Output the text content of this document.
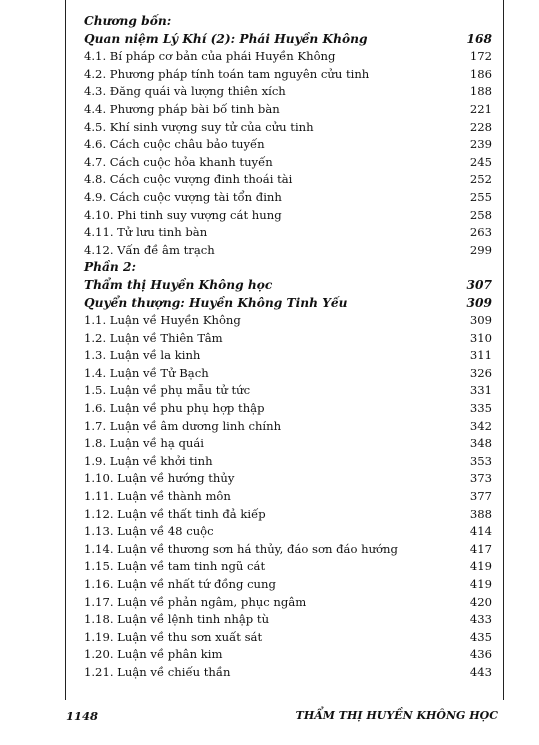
Chương bốn:
Quan niệm Lý Khí (2): Phái Huyền Không	168
4.1. Bí pháp cơ bản của phái Huyền Không	172
4.2. Phương pháp tính toán tam nguyên cửu tinh	186
4.3. Đăng quái và lượng thiên xích	188
4.4. Phương pháp bài bố tinh bàn	221
4.5. Khí sinh vượng suy tử của cửu tinh	228
4.6. Cách cuộc châu bảo tuyến	239
4.7. Cách cuộc hỏa khanh tuyến	245
4.8. Cách cuộc vượng đinh thoái tài	252
4.9. Cách cuộc vượng tài tổn đinh	255
4.10. Phi tinh suy vượng cát hung	258
4.11. Tử lưu tinh bàn	263
4.12. Vấn đề âm trạch	299
Phần 2:
Thẩm thị Huyền Không học	307
Quyển thượng: Huyền Không Tinh Yếu	309
1.1. Luận về Huyền Không	309
1.2. Luận về Thiên Tâm	310
1.3. Luận về la kinh	311
1.4. Luận về Tử Bạch	326
1.5. Luận về phụ mẫu tử tức	331
1.6. Luận về phu phụ hợp thập	335
1.7. Luận về âm dương linh chính	342
1.8. Luận về hạ quái	348
1.9. Luận về khởi tinh	353
1.10. Luận về hướng thủy	373
1.11. Luận về thành môn	377
1.12. Luận về thất tinh đả kiếp	388
1.13. Luận về 48 cuộc	414
1.14. Luận về thương sơn há thủy, đáo sơn đáo hướng	417
1.15. Luận về tam tinh ngũ cát	419
1.16. Luận về nhất tứ đồng cung	419
1.17. Luận về phản ngâm, phục ngâm	420
1.18. Luận về lệnh tinh nhập tù	433
1.19. Luận về thu sơn xuất sát	435
1.20. Luận về phân kim	436
1.21. Luận về chiếu thần	443
1148	THẨM THỊ HUYỀN KHÔNG HỌC
